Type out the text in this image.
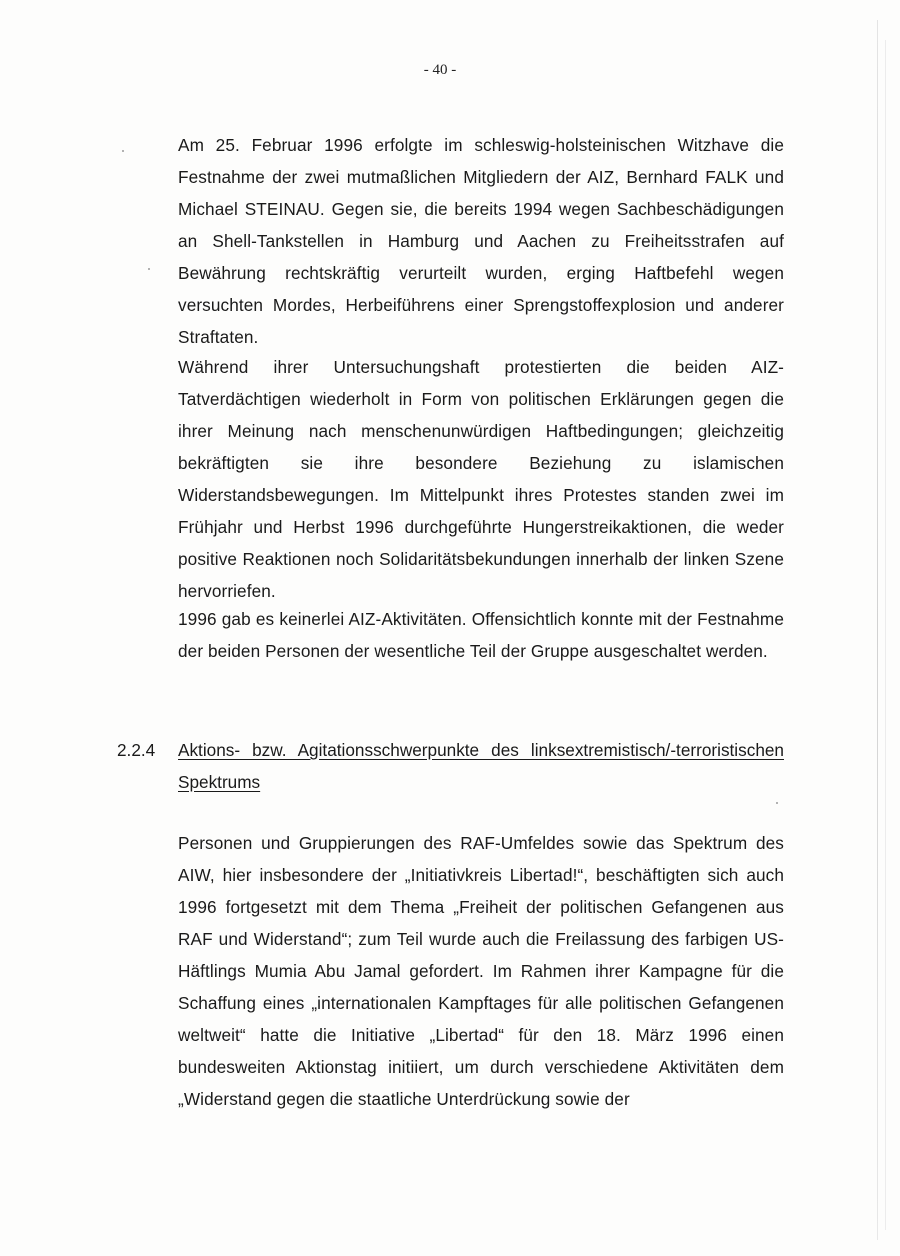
- 40 -

Am 25. Februar 1996 erfolgte im schleswig-holsteinischen Witzhave die Festnahme der zwei mutmaßlichen Mitgliedern der AIZ, Bernhard FALK und Michael STEINAU. Gegen sie, die bereits 1994 wegen Sachbeschädigungen an Shell-Tankstellen in Hamburg und Aachen zu Freiheitsstrafen auf Bewährung rechtskräftig verurteilt wurden, erging Haftbefehl wegen versuchten Mordes, Herbeiführens einer Sprengstoffexplosion und anderer Straftaten.

Während ihrer Untersuchungshaft protestierten die beiden AIZ-Tatverdächtigen wiederholt in Form von politischen Erklärungen gegen die ihrer Meinung nach menschenunwürdigen Haftbedingungen; gleichzeitig bekräftigten sie ihre besondere Beziehung zu islamischen Widerstandsbewegungen. Im Mittelpunkt ihres Protestes standen zwei im Frühjahr und Herbst 1996 durchgeführte Hungerstreikaktionen, die weder positive Reaktionen noch Solidaritätsbekundungen innerhalb der linken Szene hervorriefen.

1996 gab es keinerlei AIZ-Aktivitäten. Offensichtlich konnte mit der Festnahme der beiden Personen der wesentliche Teil der Gruppe ausgeschaltet werden.

2.2.4 Aktions- bzw. Agitationsschwerpunkte des linksextremistisch/-terroristischen Spektrums

Personen und Gruppierungen des RAF-Umfeldes sowie das Spektrum des AIW, hier insbesondere der „Initiativkreis Libertad!“, beschäftigten sich auch 1996 fortgesetzt mit dem Thema „Freiheit der politischen Gefangenen aus RAF und Widerstand“; zum Teil wurde auch die Freilassung des farbigen US-Häftlings Mumia Abu Jamal gefordert. Im Rahmen ihrer Kampagne für die Schaffung eines „internationalen Kampftages für alle politischen Gefangenen weltweit“ hatte die Initiative „Libertad“ für den 18. März 1996 einen bundesweiten Aktionstag initiiert, um durch verschiedene Aktivitäten dem „Widerstand gegen die staatliche Unterdrückung sowie der
